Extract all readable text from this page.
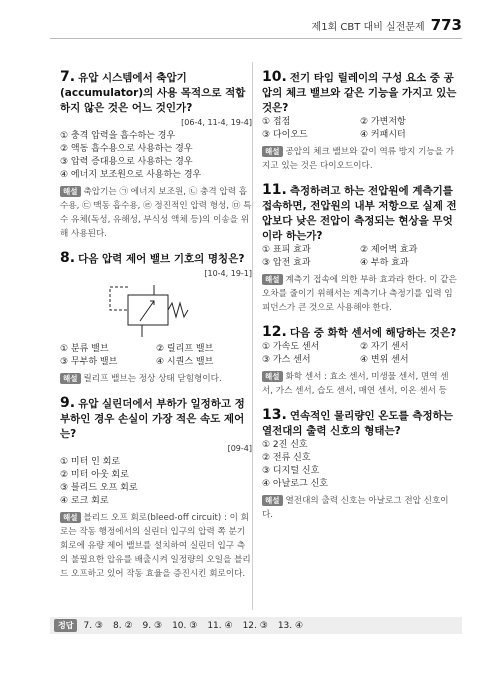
제1회 CBT 대비 실전문제 773
7. 유압 시스템에서 축압기(accumulator)의 사용 목적으로 적합하지 않은 것은 어느 것인가?
[06-4, 11-4, 19-4]
① 충격 압력을 흡수하는 경우
② 액동 흡수용으로 사용하는 경우
③ 압력 증대용으로 사용하는 경우
④ 에너지 보조원으로 사용하는 경우
해설 축압기는 ㉠ 에너지 보조원, ㉡ 충격 압력 흡수용, ㉢ 맥동 흡수용, ㉣ 정진적인 압력 형성, ㉤ 특수 유체(독성, 유해성, 부식성 액체 등)의 이송을 위해 사용된다.
8. 다음 압력 제어 밸브 기호의 명칭은?
[10-4, 19-1]
① 분류 밸브	② 릴리프 밸브
③ 무부하 밸브	④ 시퀀스 밸브
해설 릴리프 밸브는 정상 상태 닫힘형이다.
9. 유압 실린더에서 부하가 일정하고 정부하인 경우 손실이 가장 적은 속도 제어는?
[09-4]
① 미터 인 회로
② 미터 아웃 회로
③ 블리드 오프 회로
④ 로크 회로
해설 블리드 오프 회로(bleed-off circuit) : 이 회로는 작동 행정에서의 실린더 입구의 압력 쪽 분기 회로에 유량 제어 밸브를 설치하여 실린더 입구 측의 불필요한 압유를 배출시켜 일정량의 오일을 블리드 오프하고 있어 작동 효율을 증진시킨 회로이다.
10. 전기 타임 릴레이의 구성 요소 중 공압의 체크 밸브와 같은 기능을 가지고 있는 것은?
① 접점	② 가변저항
③ 다이오드	④ 커패시터
해설 공압의 체크 밸브와 같이 역류 방지 기능을 가지고 있는 것은 다이오드이다.
11. 측정하려고 하는 전압원에 계측기를 접속하면, 전압원의 내부 저항으로 실제 전압보다 낮은 전압이 측정되는 현상을 무엇이라 하는가?
① 표피 효과	② 제어벽 효과
③ 압전 효과	④ 부하 효과
해설 계측기 접속에 의한 부하 효과라 한다. 이 같은 오차를 줄이기 위해서는 계측기나 측정기를 입력 임피던스가 큰 것으로 사용해야 한다.
12. 다음 중 화학 센서에 해당하는 것은?
① 가속도 센서	② 자기 센서
③ 가스 센서	④ 변위 센서
해설 화학 센서 : 효소 센서, 미생물 센서, 면역 센서, 가스 센서, 습도 센서, 매연 센서, 이온 센서 등
13. 연속적인 물리량인 온도를 측정하는 열전대의 출력 신호의 형태는?
① 2진 신호
② 전류 신호
③ 디지털 신호
④ 아날로그 신호
해설 열전대의 출력 신호는 아날로그 전압 신호이다.
정답	7. ③ 8. ② 9. ③ 10. ③ 11. ④ 12. ③ 13. ④
